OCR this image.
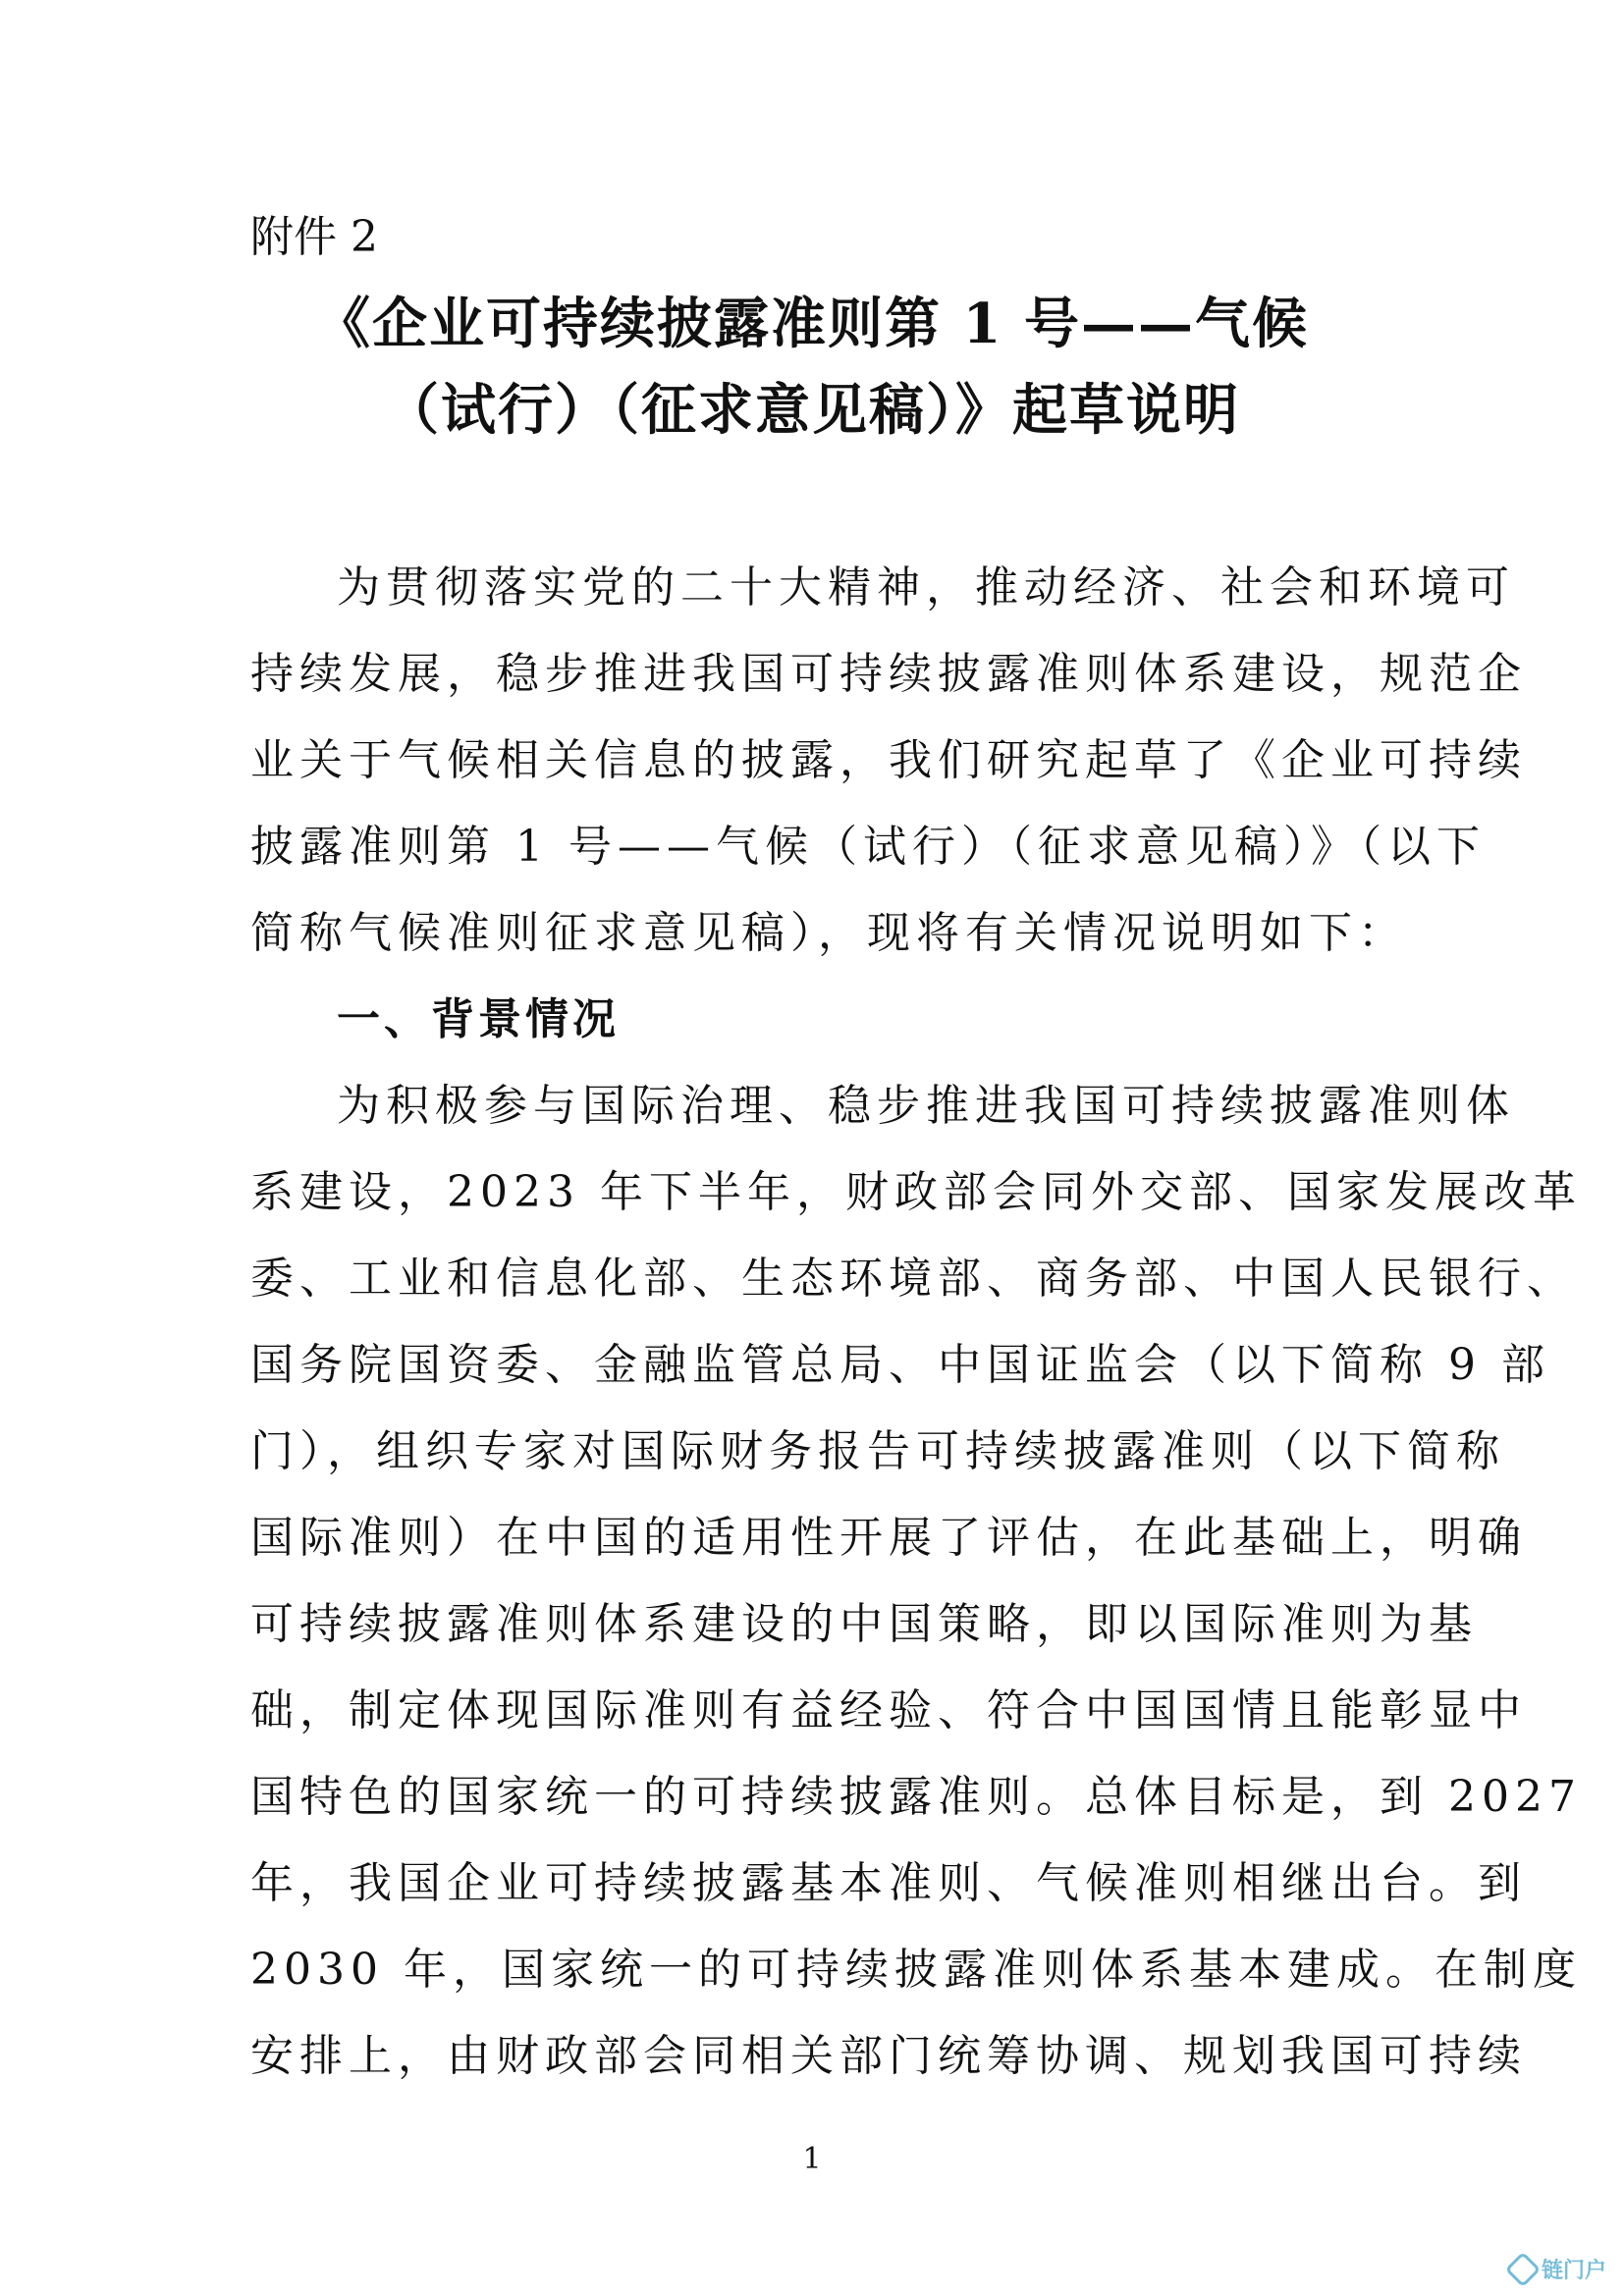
附件 2
《企业可持续披露准则第 1 号——气候
（试行）（征求意见稿）》起草说明
为贯彻落实党的二十大精神，推动经济、社会和环境可
持续发展，稳步推进我国可持续披露准则体系建设，规范企
业关于气候相关信息的披露，我们研究起草了《企业可持续
披露准则第 1 号——气候（试行）（征求意见稿）》（以下
简称气候准则征求意见稿），现将有关情况说明如下：
一、背景情况
为积极参与国际治理、稳步推进我国可持续披露准则体
系建设，2023 年下半年，财政部会同外交部、国家发展改革
委、工业和信息化部、生态环境部、商务部、中国人民银行、
国务院国资委、金融监管总局、中国证监会（以下简称 9 部
门），组织专家对国际财务报告可持续披露准则（以下简称
国际准则）在中国的适用性开展了评估，在此基础上，明确
可持续披露准则体系建设的中国策略，即以国际准则为基
础，制定体现国际准则有益经验、符合中国国情且能彰显中
国特色的国家统一的可持续披露准则。总体目标是，到 2027
年，我国企业可持续披露基本准则、气候准则相继出台。到
2030 年，国家统一的可持续披露准则体系基本建成。在制度
安排上，由财政部会同相关部门统筹协调、规划我国可持续
1
链门户
